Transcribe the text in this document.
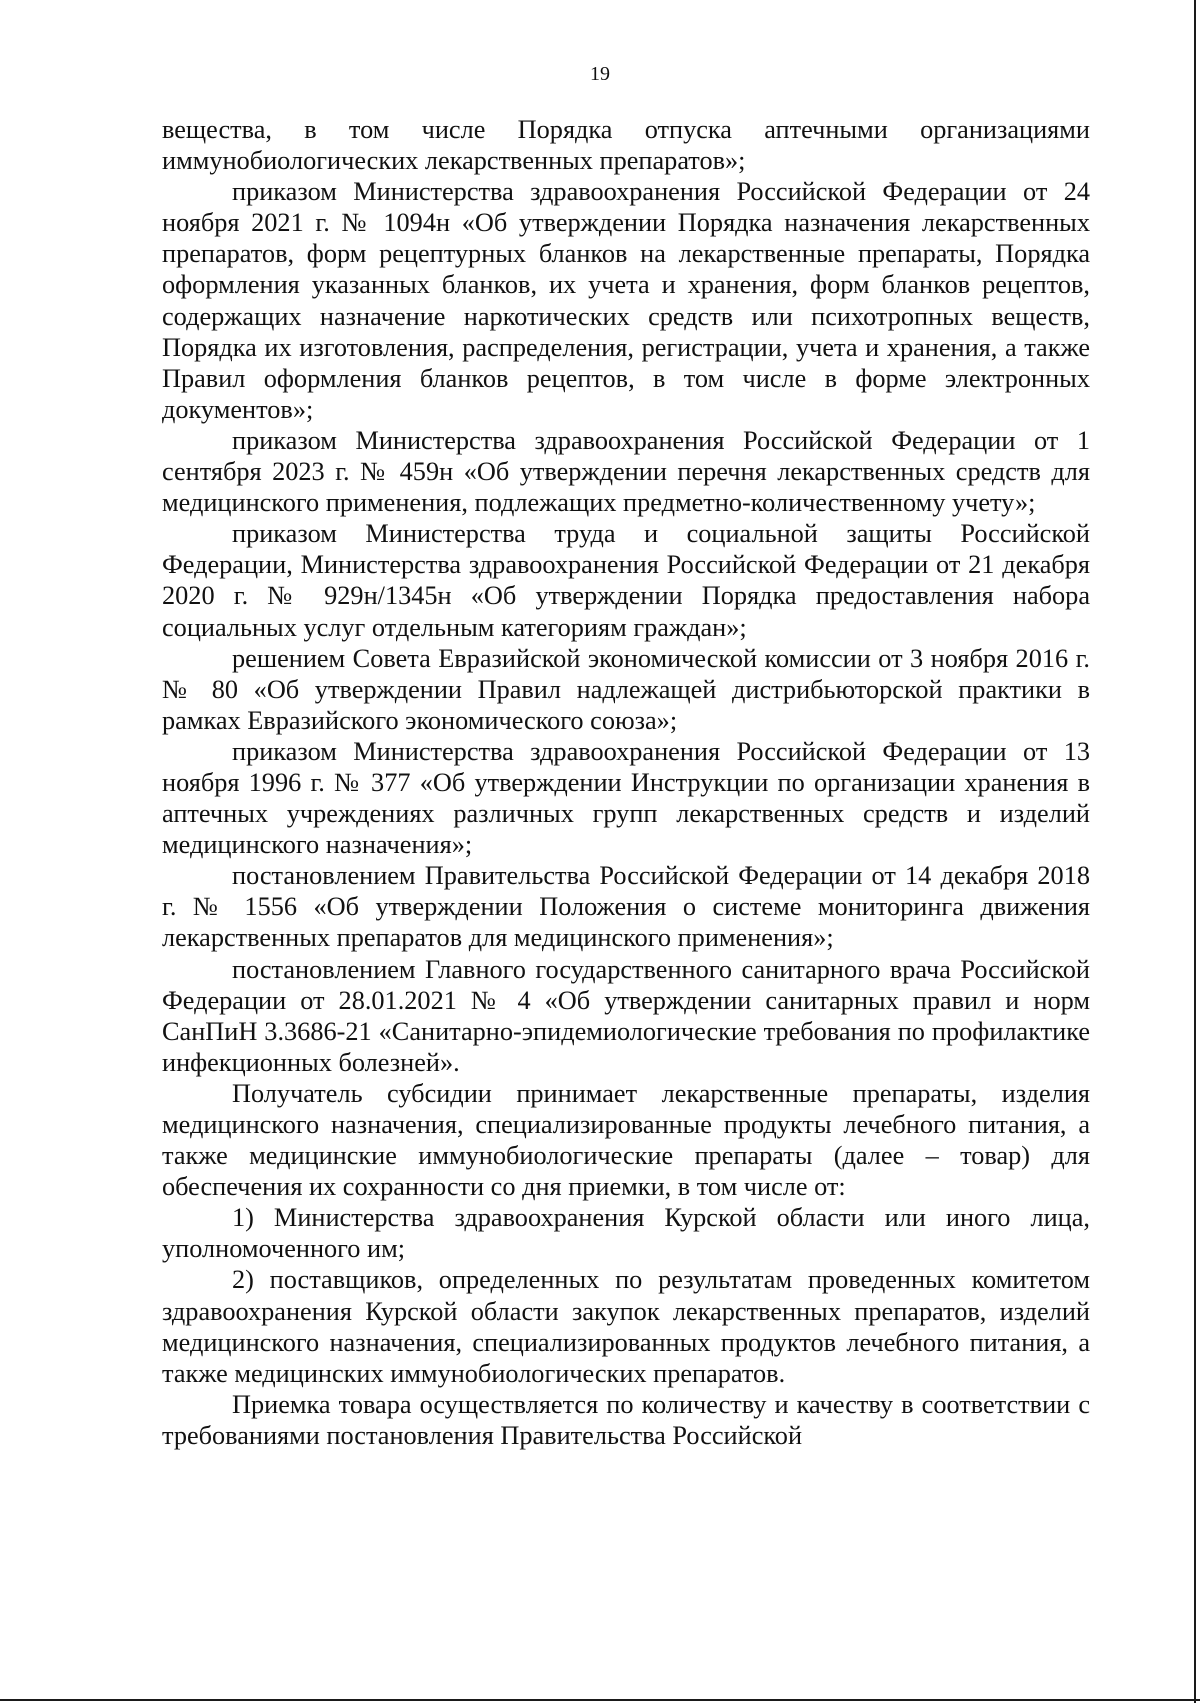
19

вещества, в том числе Порядка отпуска аптечными организациями иммунобиологических лекарственных препаратов»;

приказом Министерства здравоохранения Российской Федерации от 24 ноября 2021 г. № 1094н «Об утверждении Порядка назначения лекарственных препаратов, форм рецептурных бланков на лекарственные препараты, Порядка оформления указанных бланков, их учета и хранения, форм бланков рецептов, содержащих назначение наркотических средств или психотропных веществ, Порядка их изготовления, распределения, регистрации, учета и хранения, а также Правил оформления бланков рецептов, в том числе в форме электронных документов»;

приказом Министерства здравоохранения Российской Федерации от 1 сентября 2023 г. № 459н «Об утверждении перечня лекарственных средств для медицинского применения, подлежащих предметно-количественному учету»;

приказом Министерства труда и социальной защиты Российской Федерации, Министерства здравоохранения Российской Федерации от 21 декабря 2020 г. № 929н/1345н «Об утверждении Порядка предоставления набора социальных услуг отдельным категориям граждан»;

решением Совета Евразийской экономической комиссии от 3 ноября 2016 г. № 80 «Об утверждении Правил надлежащей дистрибьюторской практики в рамках Евразийского экономического союза»;

приказом Министерства здравоохранения Российской Федерации от 13 ноября 1996 г. № 377 «Об утверждении Инструкции по организации хранения в аптечных учреждениях различных групп лекарственных средств и изделий медицинского назначения»;

постановлением Правительства Российской Федерации от 14 декабря 2018 г. № 1556 «Об утверждении Положения о системе мониторинга движения лекарственных препаратов для медицинского применения»;

постановлением Главного государственного санитарного врача Российской Федерации от 28.01.2021 № 4 «Об утверждении санитарных правил и норм СанПиН 3.3686-21 «Санитарно-эпидемиологические требования по профилактике инфекционных болезней».

Получатель субсидии принимает лекарственные препараты, изделия медицинского назначения, специализированные продукты лечебного питания, а также медицинские иммунобиологические препараты (далее – товар) для обеспечения их сохранности со дня приемки, в том числе от:

1) Министерства здравоохранения Курской области или иного лица, уполномоченного им;

2) поставщиков, определенных по результатам проведенных комитетом здравоохранения Курской области закупок лекарственных препаратов, изделий медицинского назначения, специализированных продуктов лечебного питания, а также медицинских иммунобиологических препаратов.

Приемка товара осуществляется по количеству и качеству в соответствии с требованиями постановления Правительства Российской
